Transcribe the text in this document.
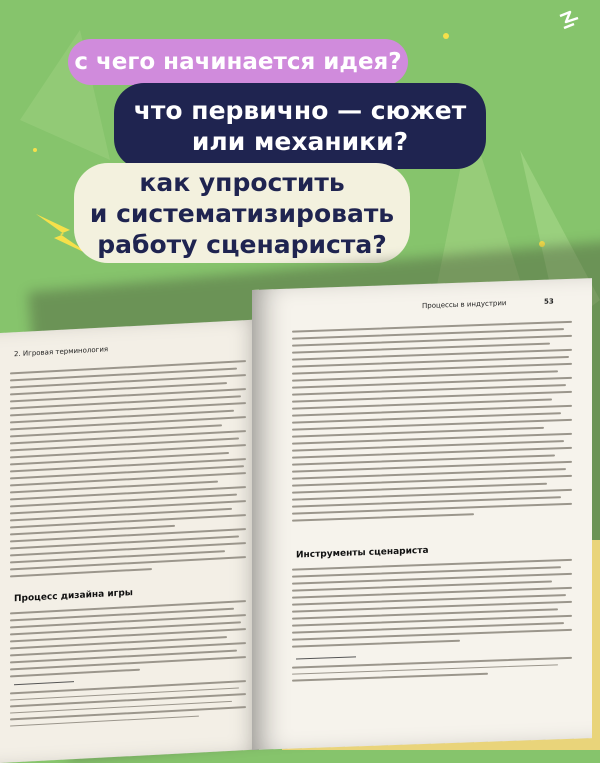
с чего начинается идея?
что первично — сюжет
или механики?
как упростить
и систематизировать
работу сценариста?
2. Игровая терминология
Процесс дизайна игры
Процессы в индустрии	53
Инструменты сценариста
